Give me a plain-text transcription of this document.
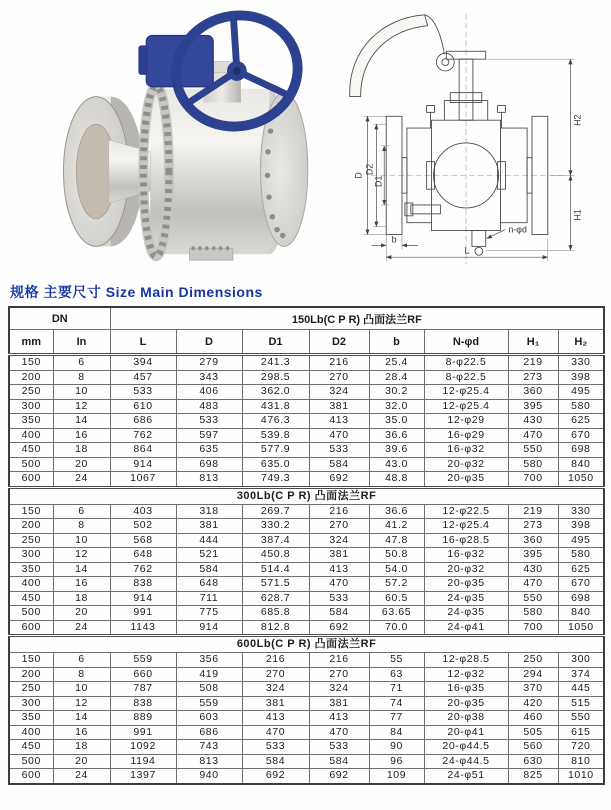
H2
H1
D
D2
D1
b
n-φd
L
规格 主要尺寸 Size Main Dimensions
DN		150Lb(C P R) 凸面法兰RF							
mm	In	L	D	D1	D2	b	N-φd	H₁	H₂
150	6	394	279	241.3	216	25.4	8-φ22.5	219	330
200	8	457	343	298.5	270	28.4	8-φ22.5	273	398
250	10	533	406	362.0	324	30.2	12-φ25.4	360	495
300	12	610	483	431.8	381	32.0	12-φ25.4	395	580
350	14	686	533	476.3	413	35.0	12-φ29	430	625
400	16	762	597	539.8	470	36.6	16-φ29	470	670
450	18	864	635	577.9	533	39.6	16-φ32	550	698
500	20	914	698	635.0	584	43.0	20-φ32	580	840
600	24	1067	813	749.3	692	48.8	20-φ35	700	1050
300Lb(C P R) 凸面法兰RF									
150	6	403	318	269.7	216	36.6	12-φ22.5	219	330
200	8	502	381	330.2	270	41.2	12-φ25.4	273	398
250	10	568	444	387.4	324	47.8	16-φ28.5	360	495
300	12	648	521	450.8	381	50.8	16-φ32	395	580
350	14	762	584	514.4	413	54.0	20-φ32	430	625
400	16	838	648	571.5	470	57.2	20-φ35	470	670
450	18	914	711	628.7	533	60.5	24-φ35	550	698
500	20	991	775	685.8	584	63.65	24-φ35	580	840
600	24	1143	914	812.8	692	70.0	24-φ41	700	1050
600Lb(C P R) 凸面法兰RF									
150	6	559	356	216	216	55	12-φ28.5	250	300
200	8	660	419	270	270	63	12-φ32	294	374
250	10	787	508	324	324	71	16-φ35	370	445
300	12	838	559	381	381	74	20-φ35	420	515
350	14	889	603	413	413	77	20-φ38	460	550
400	16	991	686	470	470	84	20-φ41	505	615
450	18	1092	743	533	533	90	20-φ44.5	560	720
500	20	1194	813	584	584	96	24-φ44.5	630	810
600	24	1397	940	692	692	109	24-φ51	825	1010
